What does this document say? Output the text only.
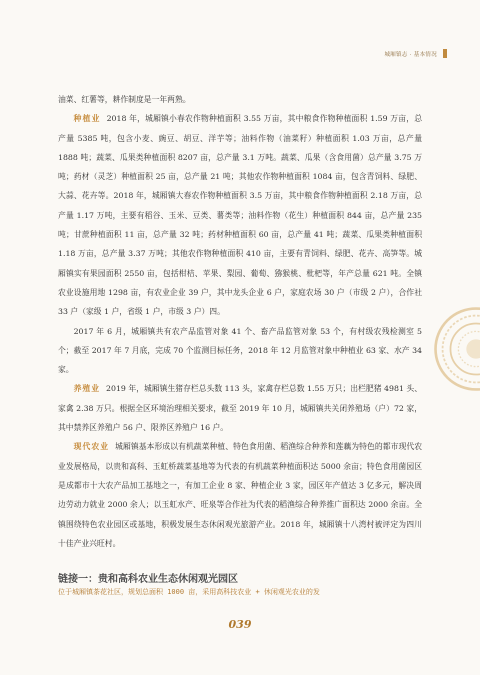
城厢镇志 · 基本情况

油菜、红薯等，耕作制度是一年两熟。

种植业 2018 年，城厢镇小春农作物种植面积 3.55 万亩，其中粮食作物种植面积 1.59 万亩，总产量 5385 吨，包含小麦、豌豆、胡豆、洋芋等；油料作物（油菜籽）种植面积 1.03 万亩，总产量 1888 吨；蔬菜、瓜果类种植面积 8207 亩，总产量 3.1 万吨。蔬菜、瓜果（含食用菌）总产量 3.75 万吨；药材（灵芝）种植面积 25 亩，总产量 21 吨；其他农作物种植面积 1084 亩，包含青饲料、绿肥、大蒜、花卉等。2018 年，城厢镇大春农作物种植面积 3.5 万亩，其中粮食作物种植面积 2.18 万亩，总产量 1.17 万吨，主要有稻谷、玉米、豆类、薯类等；油料作物（花生）种植面积 844 亩，总产量 235 吨；甘蔗种植面积 11 亩，总产量 32 吨；药材种植面积 60 亩，总产量 41 吨；蔬菜、瓜果类种植面积 1.18 万亩，总产量 3.37 万吨；其他农作物种植面积 410 亩，主要有青饲料、绿肥、花卉、高笋等。城厢镇实有果园面积 2550 亩，包括柑桔、苹果、梨园、葡萄、猕猴桃、枇杷等，年产总量 621 吨。全镇农业设施用地 1298 亩，有农业企业 39 户，其中龙头企业 6 户，家庭农场 30 户（市级 2 户），合作社 33 户（家级 1 户，省级 1 户，市级 3 户）四。

2017 年 6 月，城厢镇共有农产品监管对象 41 个、畜产品监管对象 53 个，有村级农残检测室 5 个；截至 2017 年 7 月底，完成 70 个监测目标任务，2018 年 12 月监管对象中种植业 63 家、水产 34 家。

养殖业 2019 年，城厢镇生猪存栏总头数 113 头，家禽存栏总数 1.55 万只；出栏肥猪 4981 头、家禽 2.38 万只。根据全区环境治理相关要求，截至 2019 年 10 月，城厢镇共关闭养殖场（户）72 家，其中禁养区养殖户 56 户、限养区养殖户 16 户。

现代农业 城厢镇基本形成以有机蔬菜种植、特色食用菌、稻渔综合种养和莲藕为特色的都市现代农业发展格局，以贵和高科、玉虹桥蔬菜基地等为代表的有机蔬菜种植面积达 5000 余亩；特色食用菌园区是成都市十大农产品加工基地之一，有加工企业 8 家、种植企业 3 家，园区年产值达 3 亿多元，解决周边劳动力就业 2000 余人；以玉虹水产、旺泉等合作社为代表的稻渔综合种养推广面积达 2000 余亩。全镇围绕特色农业园区或基地，积极发展生态休闲观光旅游产业。2018 年，城厢镇十八湾村被评定为四川十佳产业兴旺村。

链接一：贵和高科农业生态休闲观光园区
位于城厢镇茶花社区，规划总面积 1000 亩，采用高科技农业 + 休闲观光农业的发
039
